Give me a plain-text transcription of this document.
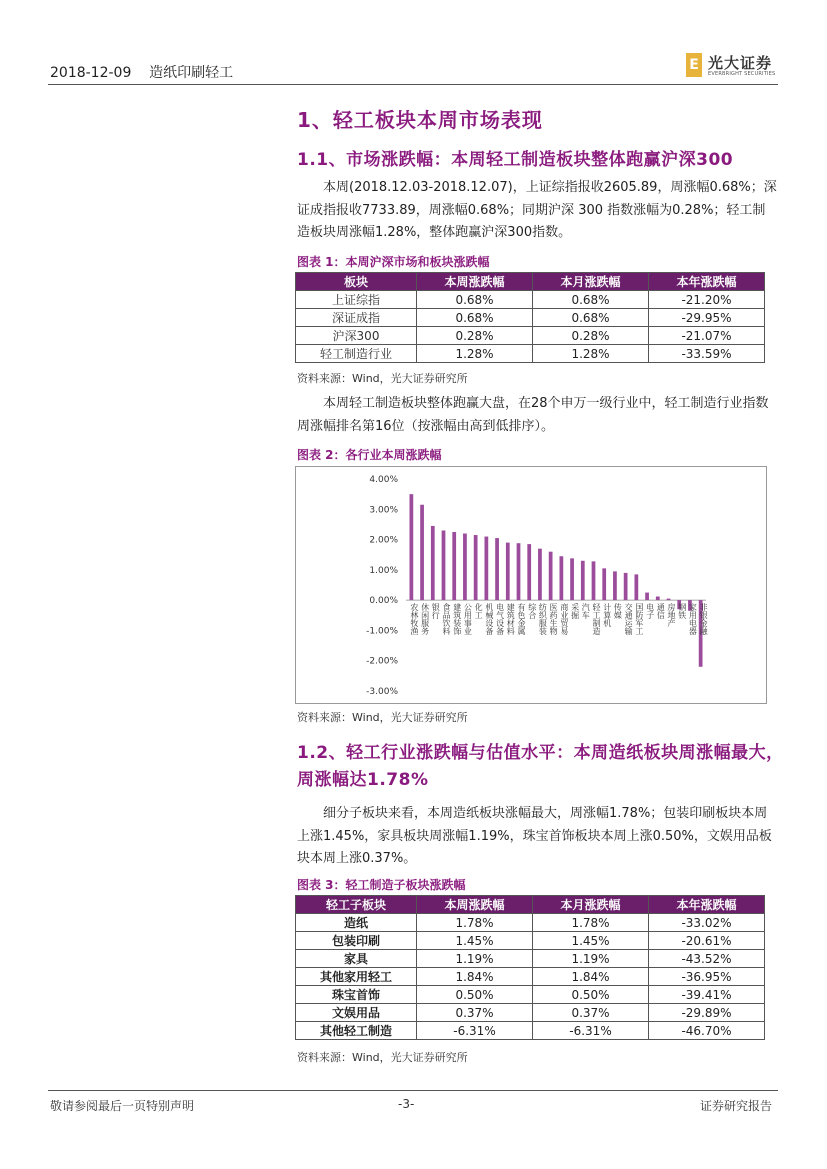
2018-12-09    造纸印刷轻工	E 光大证券
EVERBRIGHT SECURITIES
1、轻工板块本周市场表现
1.1、市场涨跌幅：本周轻工制造板块整体跑赢沪深300
本周(2018.12.03-2018.12.07)，上证综指报收2605.89，周涨幅0.68%；深证成指报收7733.89，周涨幅0.68%；同期沪深 300 指数涨幅为0.28%；轻工制造板块周涨幅1.28%，整体跑赢沪深300指数。
图表 1：本周沪深市场和板块涨跌幅
板块	本周涨跌幅	本月涨跌幅	本年涨跌幅
上证综指	0.68%	0.68%	-21.20%
深证成指	0.68%	0.68%	-29.95%
沪深300	0.28%	0.28%	-21.07%
轻工制造行业	1.28%	1.28%	-33.59%
资料来源：Wind，光大证券研究所
本周轻工制造板块整体跑赢大盘，在28个申万一级行业中，轻工制造行业指数周涨幅排名第16位（按涨幅由高到低排序）。
图表 2：各行业本周涨跌幅
4.00%
3.00%
2.00%
1.00%
0.00%
-1.00%
-2.00%
-3.00%
农林牧渔 休闲服务 银行 食品饮料 建筑装饰 公用事业 化工 机械设备 电气设备 建筑材料 有色金属 综合 纺织服装 医药生物 商业贸易 采掘 汽车 轻工制造 计算机 传媒 交通运输 国防军工 电子 通信 房地产 钢铁 家用电器 非银金融
资料来源：Wind，光大证券研究所
1.2、轻工行业涨跌幅与估值水平：本周造纸板块周涨幅最大，周涨幅达1.78%
细分子板块来看，本周造纸板块涨幅最大，周涨幅1.78%；包装印刷板块本周上涨1.45%，家具板块周涨幅1.19%，珠宝首饰板块本周上涨0.50%，文娱用品板块本周上涨0.37%。
图表 3：轻工制造子板块涨跌幅
轻工子板块	本周涨跌幅	本月涨跌幅	本年涨跌幅
造纸	1.78%	1.78%	-33.02%
包装印刷	1.45%	1.45%	-20.61%
家具	1.19%	1.19%	-43.52%
其他家用轻工	1.84%	1.84%	-36.95%
珠宝首饰	0.50%	0.50%	-39.41%
文娱用品	0.37%	0.37%	-29.89%
其他轻工制造	-6.31%	-6.31%	-46.70%
资料来源：Wind，光大证券研究所
敬请参阅最后一页特别声明	-3-	证券研究报告
